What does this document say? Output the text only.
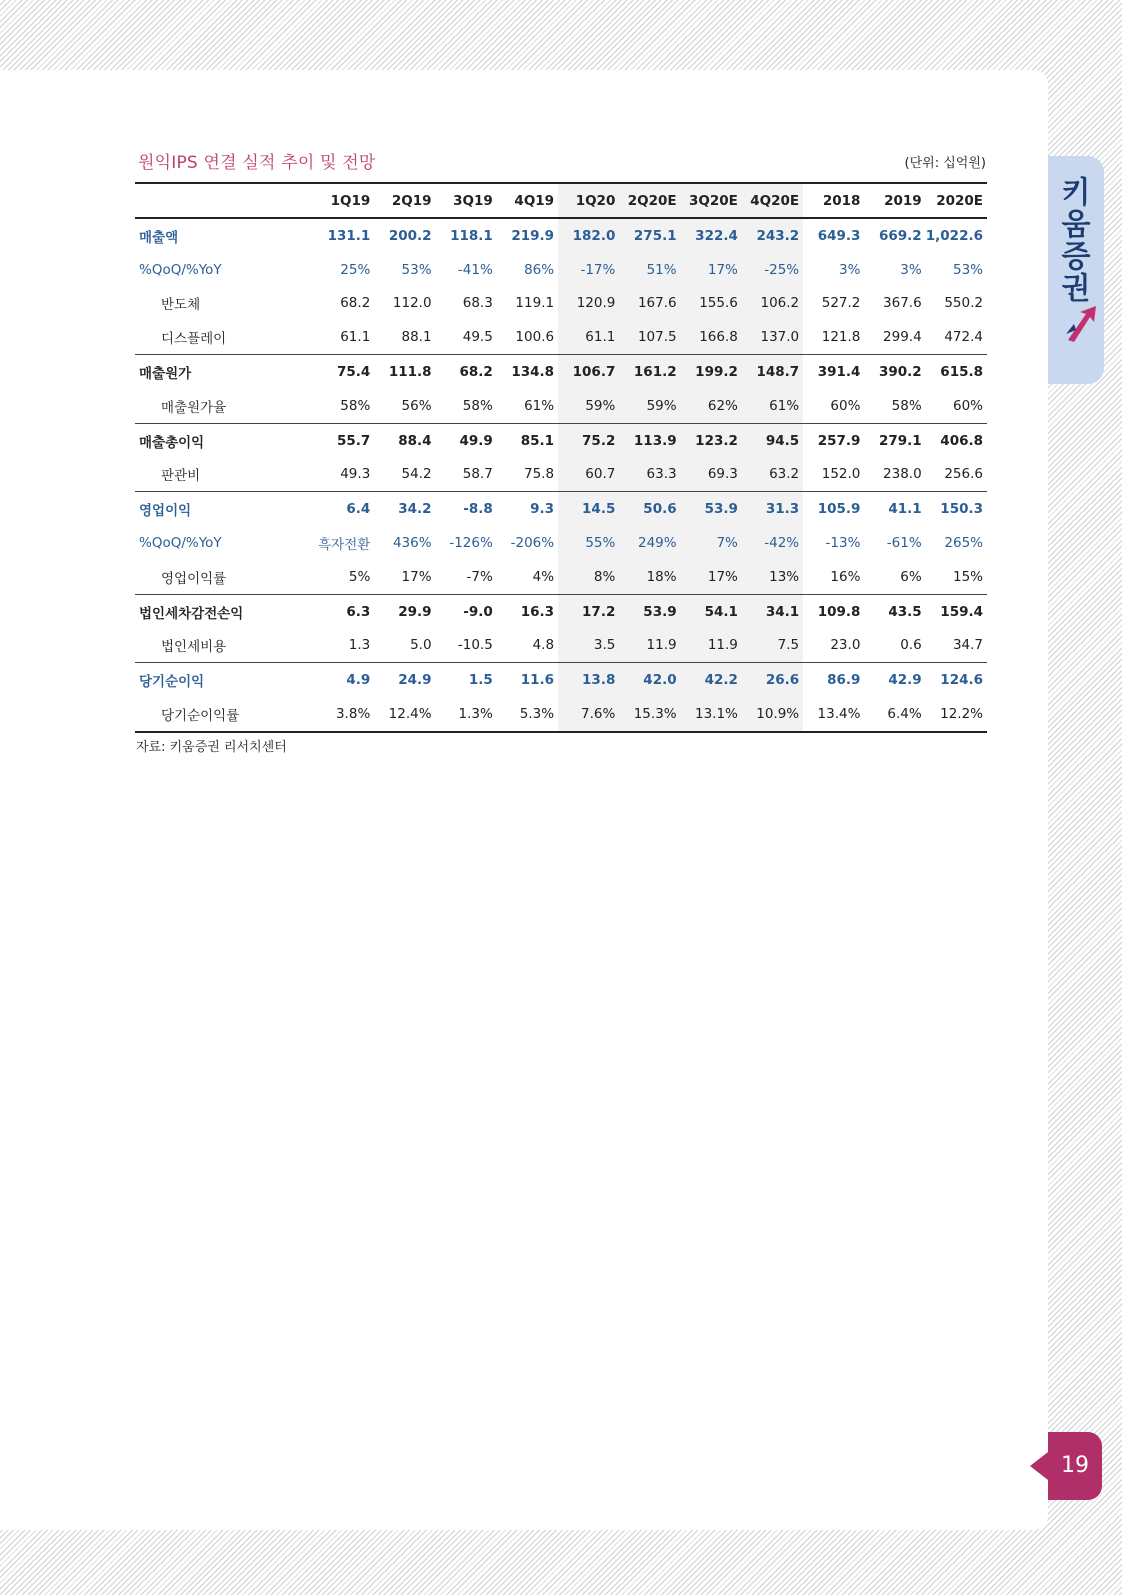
원익IPS 연결 실적 추이 및 전망	(단위: 십억원)
	1Q19	2Q19	3Q19	4Q19	1Q20	2Q20E	3Q20E	4Q20E	2018	2019	2020E
매출액	131.1	200.2	118.1	219.9	182.0	275.1	322.4	243.2	649.3	669.2	1,022.6
%QoQ/%YoY	25%	53%	-41%	86%	-17%	51%	17%	-25%	3%	3%	53%
반도체	68.2	112.0	68.3	119.1	120.9	167.6	155.6	106.2	527.2	367.6	550.2
디스플레이	61.1	88.1	49.5	100.6	61.1	107.5	166.8	137.0	121.8	299.4	472.4
매출원가	75.4	111.8	68.2	134.8	106.7	161.2	199.2	148.7	391.4	390.2	615.8
매출원가율	58%	56%	58%	61%	59%	59%	62%	61%	60%	58%	60%
매출총이익	55.7	88.4	49.9	85.1	75.2	113.9	123.2	94.5	257.9	279.1	406.8
판관비	49.3	54.2	58.7	75.8	60.7	63.3	69.3	63.2	152.0	238.0	256.6
영업이익	6.4	34.2	-8.8	9.3	14.5	50.6	53.9	31.3	105.9	41.1	150.3
%QoQ/%YoY	흑자전환	436%	-126%	-206%	55%	249%	7%	-42%	-13%	-61%	265%
영업이익률	5%	17%	-7%	4%	8%	18%	17%	13%	16%	6%	15%
법인세차감전손익	6.3	29.9	-9.0	16.3	17.2	53.9	54.1	34.1	109.8	43.5	159.4
법인세비용	1.3	5.0	-10.5	4.8	3.5	11.9	11.9	7.5	23.0	0.6	34.7
당기순이익	4.9	24.9	1.5	11.6	13.8	42.0	42.2	26.6	86.9	42.9	124.6
당기순이익률	3.8%	12.4%	1.3%	5.3%	7.6%	15.3%	13.1%	10.9%	13.4%	6.4%	12.2%
자료: 키움증권 리서치센터
키움증권
19
